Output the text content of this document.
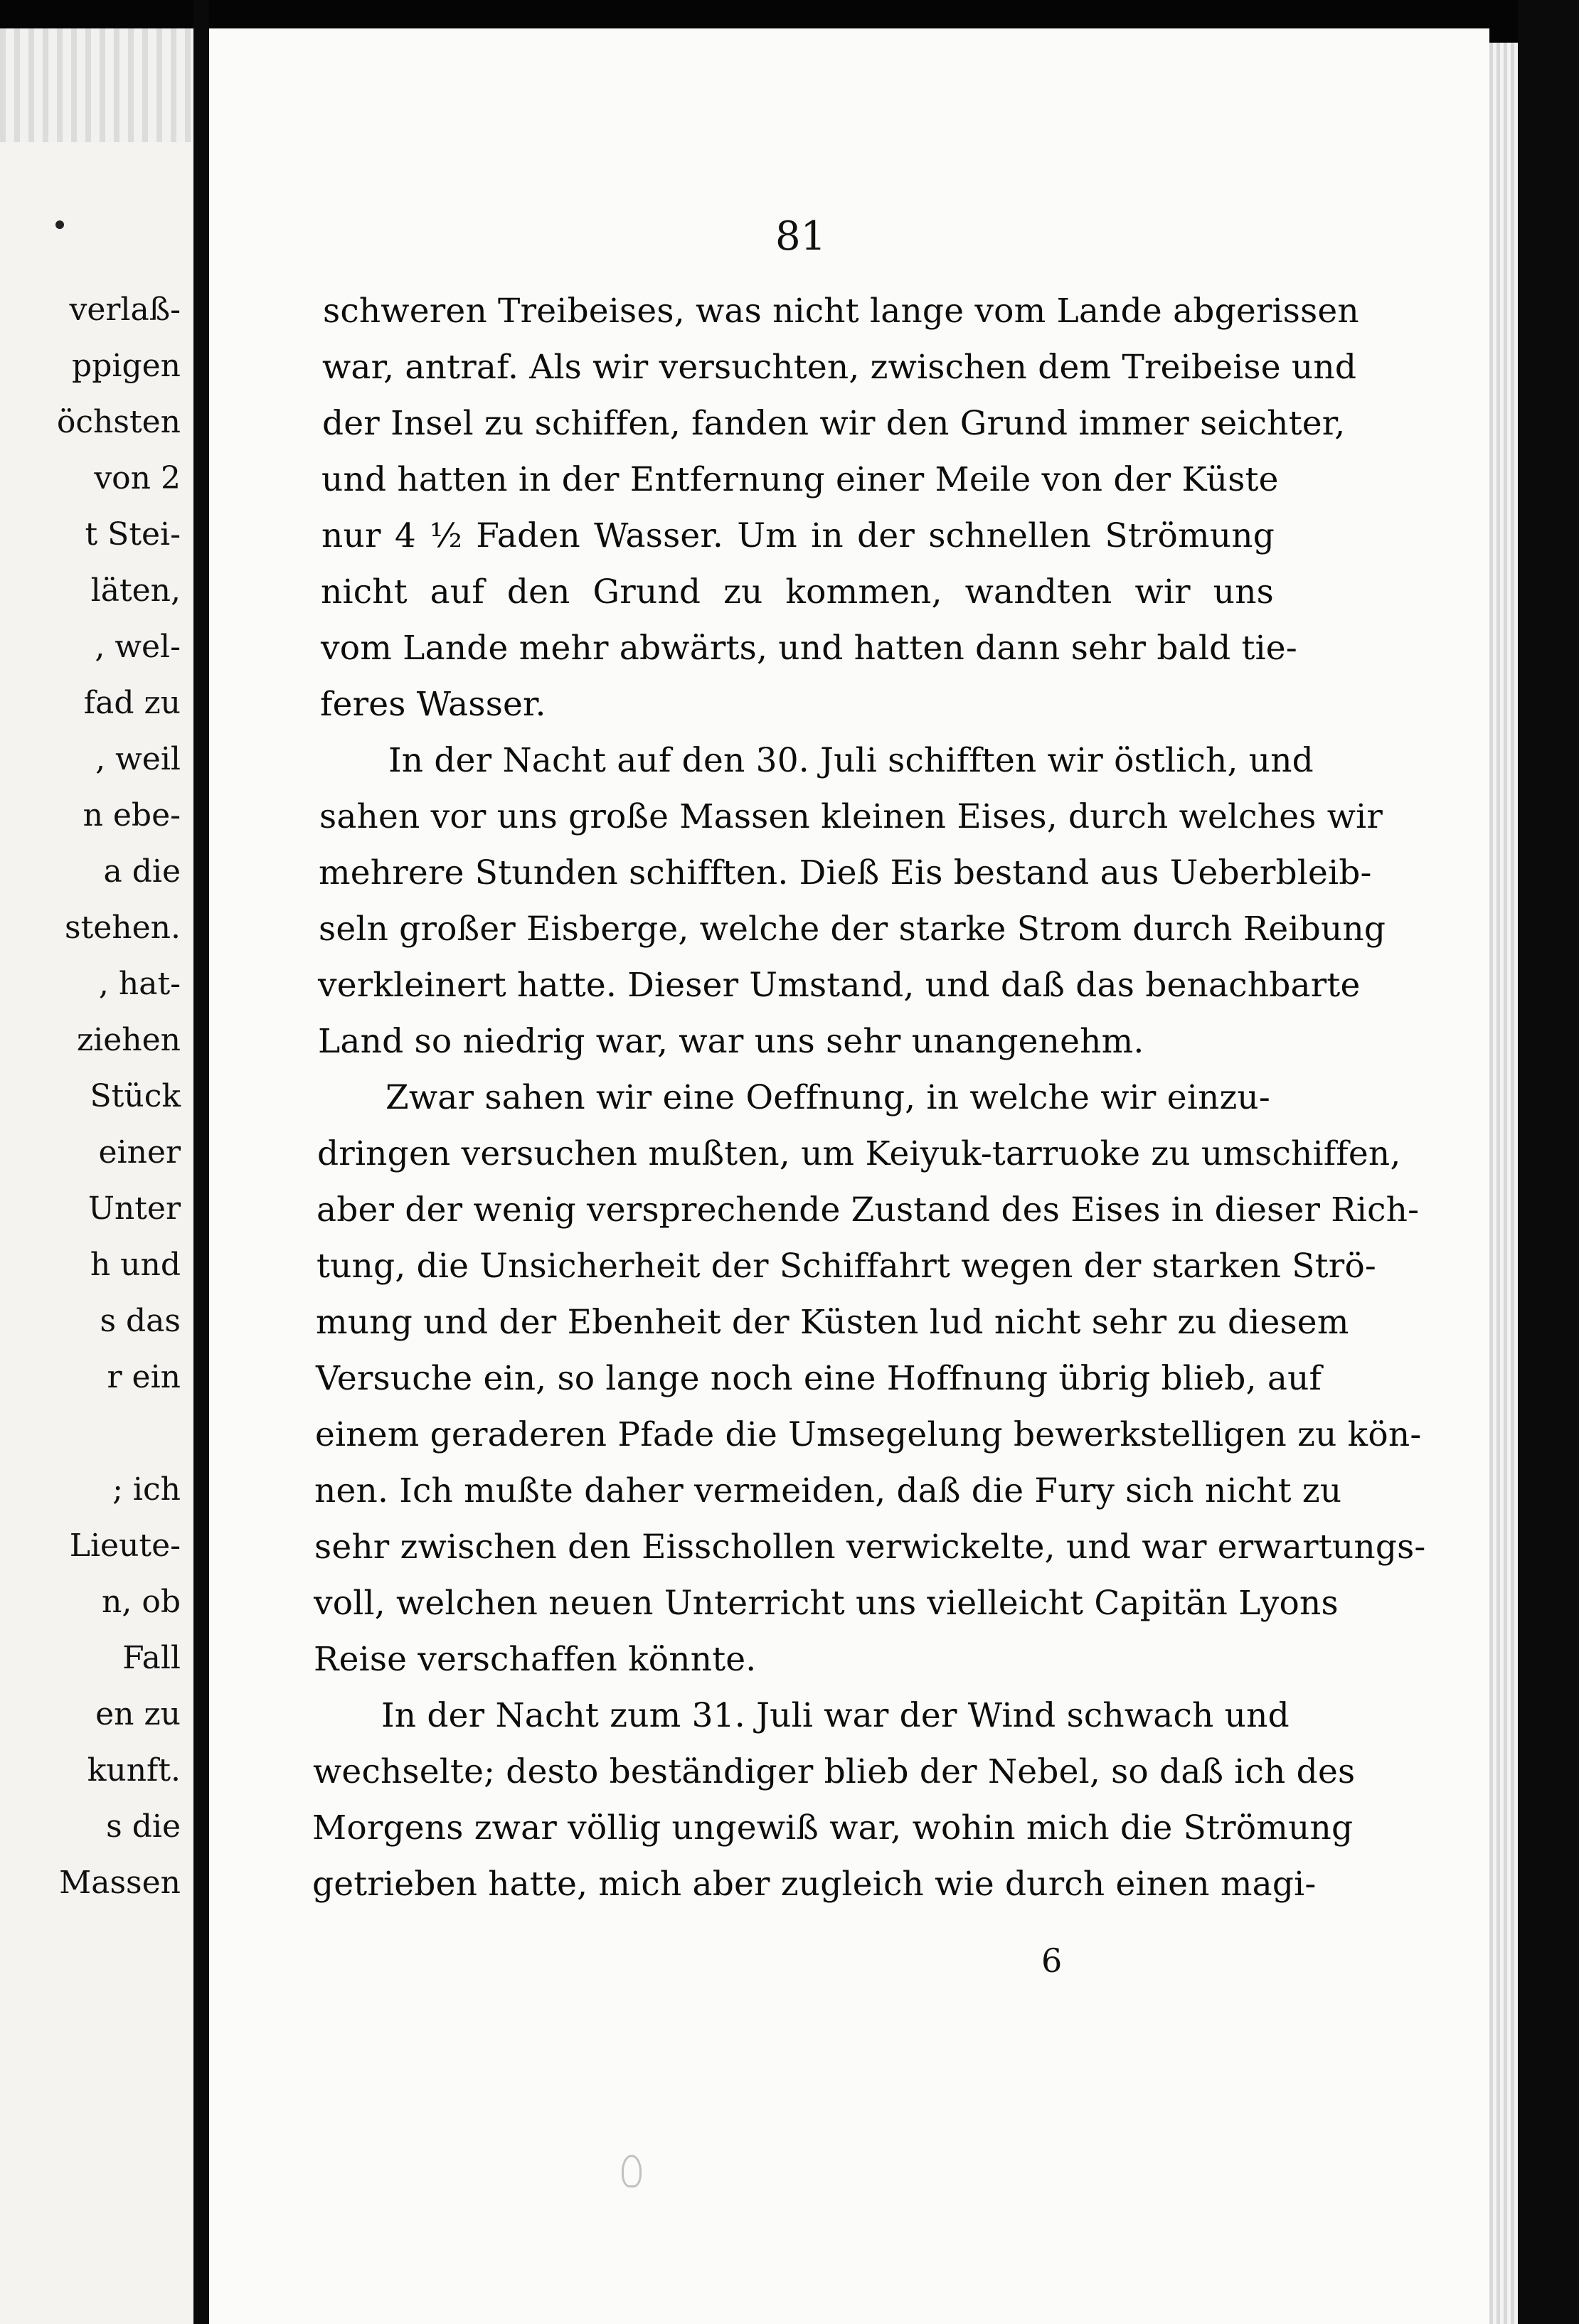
verlaß-
ppigen
öchsten
von 2
t Stei-
läten,
, wel-
fad zu
, weil
n ebe-
a die
stehen.
, hat-
ziehen
Stück
einer
Unter
h und
s das
r ein
; ich
Lieute-
n, ob
Fall
en zu
kunft.
s die
Massen
81
schweren Treibeises, was nicht lange vom Lande abgerissen
war, antraf. Als wir versuchten, zwischen dem Treibeise und
der Insel zu schiffen, fanden wir den Grund immer seichter,
und hatten in der Entfernung einer Meile von der Küste
nur 4 ½ Faden Wasser. Um in der schnellen Strömung
nicht auf den Grund zu kommen, wandten wir uns
vom Lande mehr abwärts, und hatten dann sehr bald tie-
feres Wasser.
In der Nacht auf den 30. Juli schifften wir östlich, und
sahen vor uns große Massen kleinen Eises, durch welches wir
mehrere Stunden schifften. Dieß Eis bestand aus Ueberbleib-
seln großer Eisberge, welche der starke Strom durch Reibung
verkleinert hatte. Dieser Umstand, und daß das benachbarte
Land so niedrig war, war uns sehr unangenehm.
Zwar sahen wir eine Oeffnung, in welche wir einzu-
dringen versuchen mußten, um Keiyuk-tarruoke zu umschiffen,
aber der wenig versprechende Zustand des Eises in dieser Rich-
tung, die Unsicherheit der Schiffahrt wegen der starken Strö-
mung und der Ebenheit der Küsten lud nicht sehr zu diesem
Versuche ein, so lange noch eine Hoffnung übrig blieb, auf
einem geraderen Pfade die Umsegelung bewerkstelligen zu kön-
nen. Ich mußte daher vermeiden, daß die Fury sich nicht zu
sehr zwischen den Eisschollen verwickelte, und war erwartungs-
voll, welchen neuen Unterricht uns vielleicht Capitän Lyons
Reise verschaffen könnte.
In der Nacht zum 31. Juli war der Wind schwach und
wechselte; desto beständiger blieb der Nebel, so daß ich des
Morgens zwar völlig ungewiß war, wohin mich die Strömung
getrieben hatte, mich aber zugleich wie durch einen magi-
6
